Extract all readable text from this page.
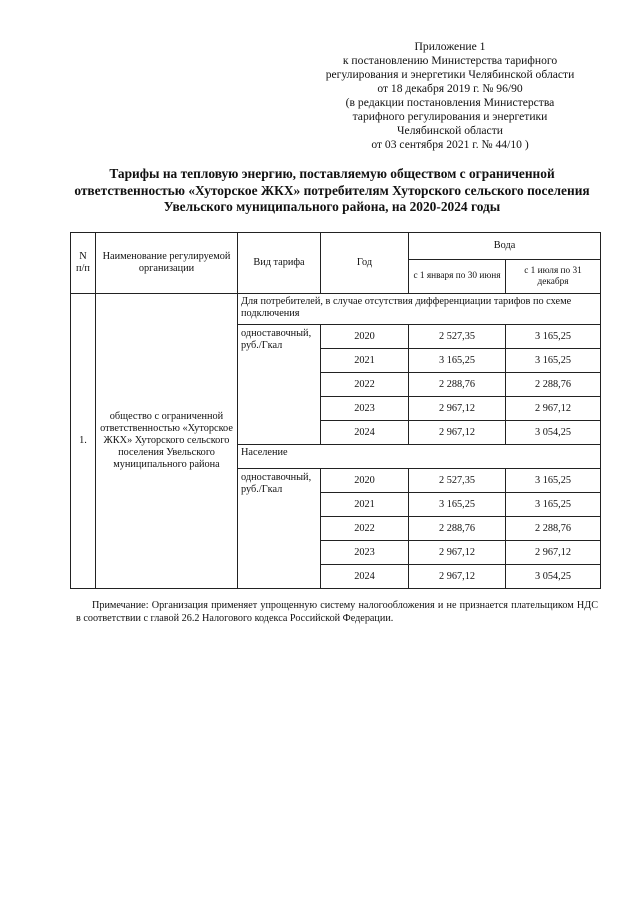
Приложение 1
к постановлению Министерства тарифного
регулирования и энергетики Челябинской области
от 18 декабря 2019 г. № 96/90
(в редакции постановления Министерства
тарифного регулирования и энергетики
Челябинской области
от 03 сентября 2021 г. № 44/10 )
Тарифы на тепловую энергию, поставляемую обществом с ограниченной ответственностью «Хуторское ЖКХ» потребителям Хуторского сельского поселения Увельского муниципального района, на 2020-2024 годы
N п/п	Наименование регулируемой организации	Вид тарифа	Год	Вода	
				с 1 января по 30 июня	с 1 июля по 31 декабря
1.	общество с ограниченной ответственностью «Хуторское ЖКХ» Хуторского сельского поселения Увельского муниципального района	Для потребителей, в случае отсутствия дифференциации тарифов по схеме подключения			
		одноставочный, руб./Гкал	2020	2 527,35	3 165,25
			2021	3 165,25	3 165,25
			2022	2 288,76	2 288,76
			2023	2 967,12	2 967,12
			2024	2 967,12	3 054,25
		Население			
		одноставочный, руб./Гкал	2020	2 527,35	3 165,25
			2021	3 165,25	3 165,25
			2022	2 288,76	2 288,76
			2023	2 967,12	2 967,12
			2024	2 967,12	3 054,25
Примечание: Организация применяет упрощенную систему налогообложения и не признается плательщиком НДС в соответствии с главой 26.2 Налогового кодекса Российской Федерации.
